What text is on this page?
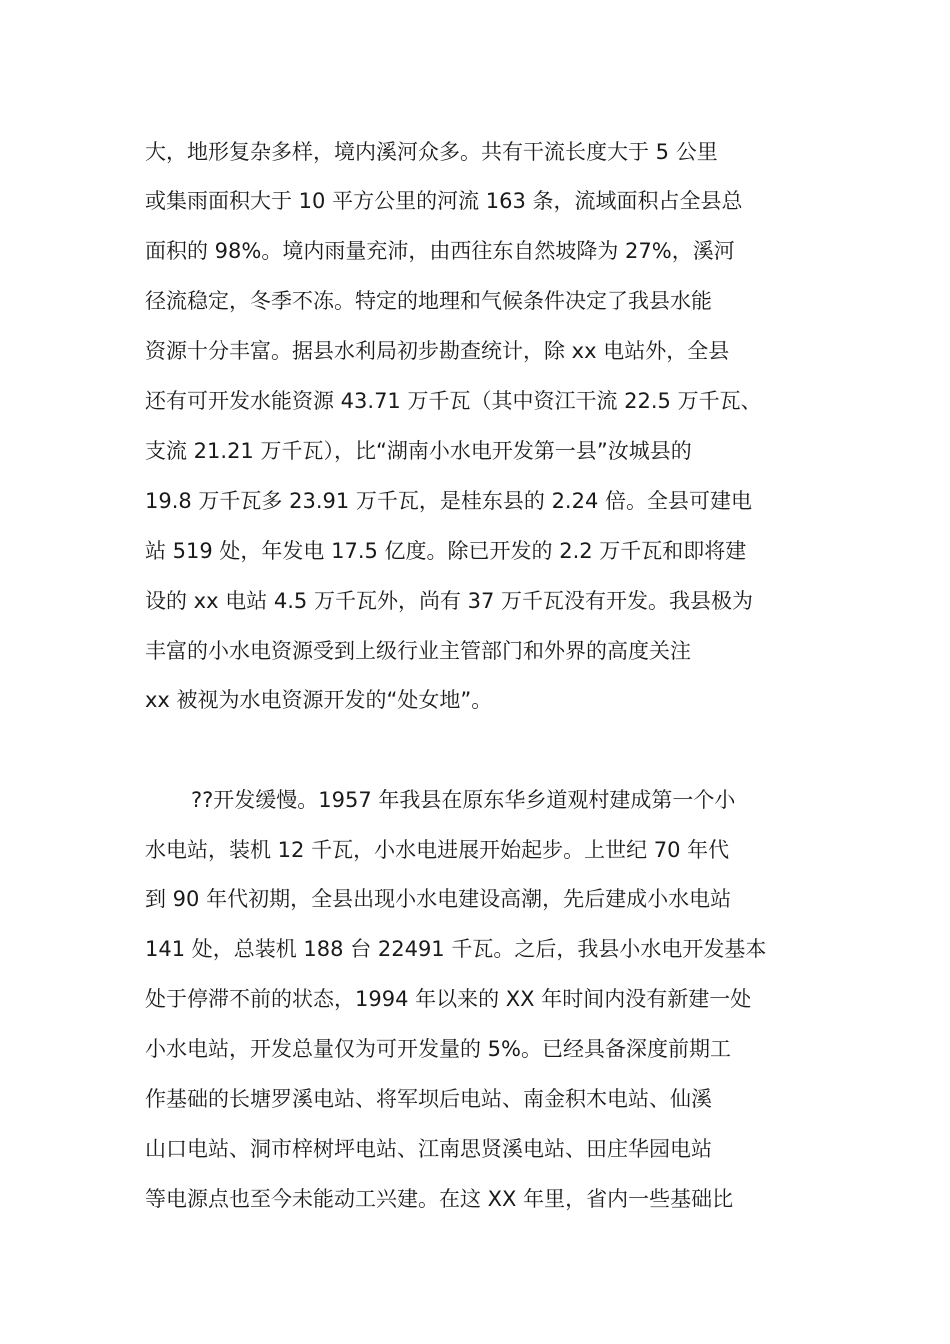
大，地形复杂多样，境内溪河众多。共有干流长度大于 5 公里
或集雨面积大于 10 平方公里的河流 163 条，流域面积占全县总
面积的 98%。境内雨量充沛，由西往东自然坡降为 27%，溪河
径流稳定，冬季不冻。特定的地理和气候条件决定了我县水能
资源十分丰富。据县水利局初步勘查统计，除 xx 电站外，全县
还有可开发水能资源 43.71 万千瓦（其中资江干流 22.5 万千瓦、
支流 21.21 万千瓦），比“湖南小水电开发第一县”汝城县的
19.8 万千瓦多 23.91 万千瓦，是桂东县的 2.24 倍。全县可建电
站 519 处，年发电 17.5 亿度。除已开发的 2.2 万千瓦和即将建
设的 xx 电站 4.5 万千瓦外，尚有 37 万千瓦没有开发。我县极为
丰富的小水电资源受到上级行业主管部门和外界的高度关注
xx 被视为水电资源开发的“处女地”。
??开发缓慢。1957 年我县在原东华乡道观村建成第一个小
水电站，装机 12 千瓦，小水电进展开始起步。上世纪 70 年代
到 90 年代初期，全县出现小水电建设高潮，先后建成小水电站
141 处，总装机 188 台 22491 千瓦。之后，我县小水电开发基本
处于停滞不前的状态，1994 年以来的 XX 年时间内没有新建一处
小水电站，开发总量仅为可开发量的 5%。已经具备深度前期工
作基础的长塘罗溪电站、将军坝后电站、南金积木电站、仙溪
山口电站、洞市梓树坪电站、江南思贤溪电站、田庄华园电站
等电源点也至今未能动工兴建。在这 XX 年里，省内一些基础比
